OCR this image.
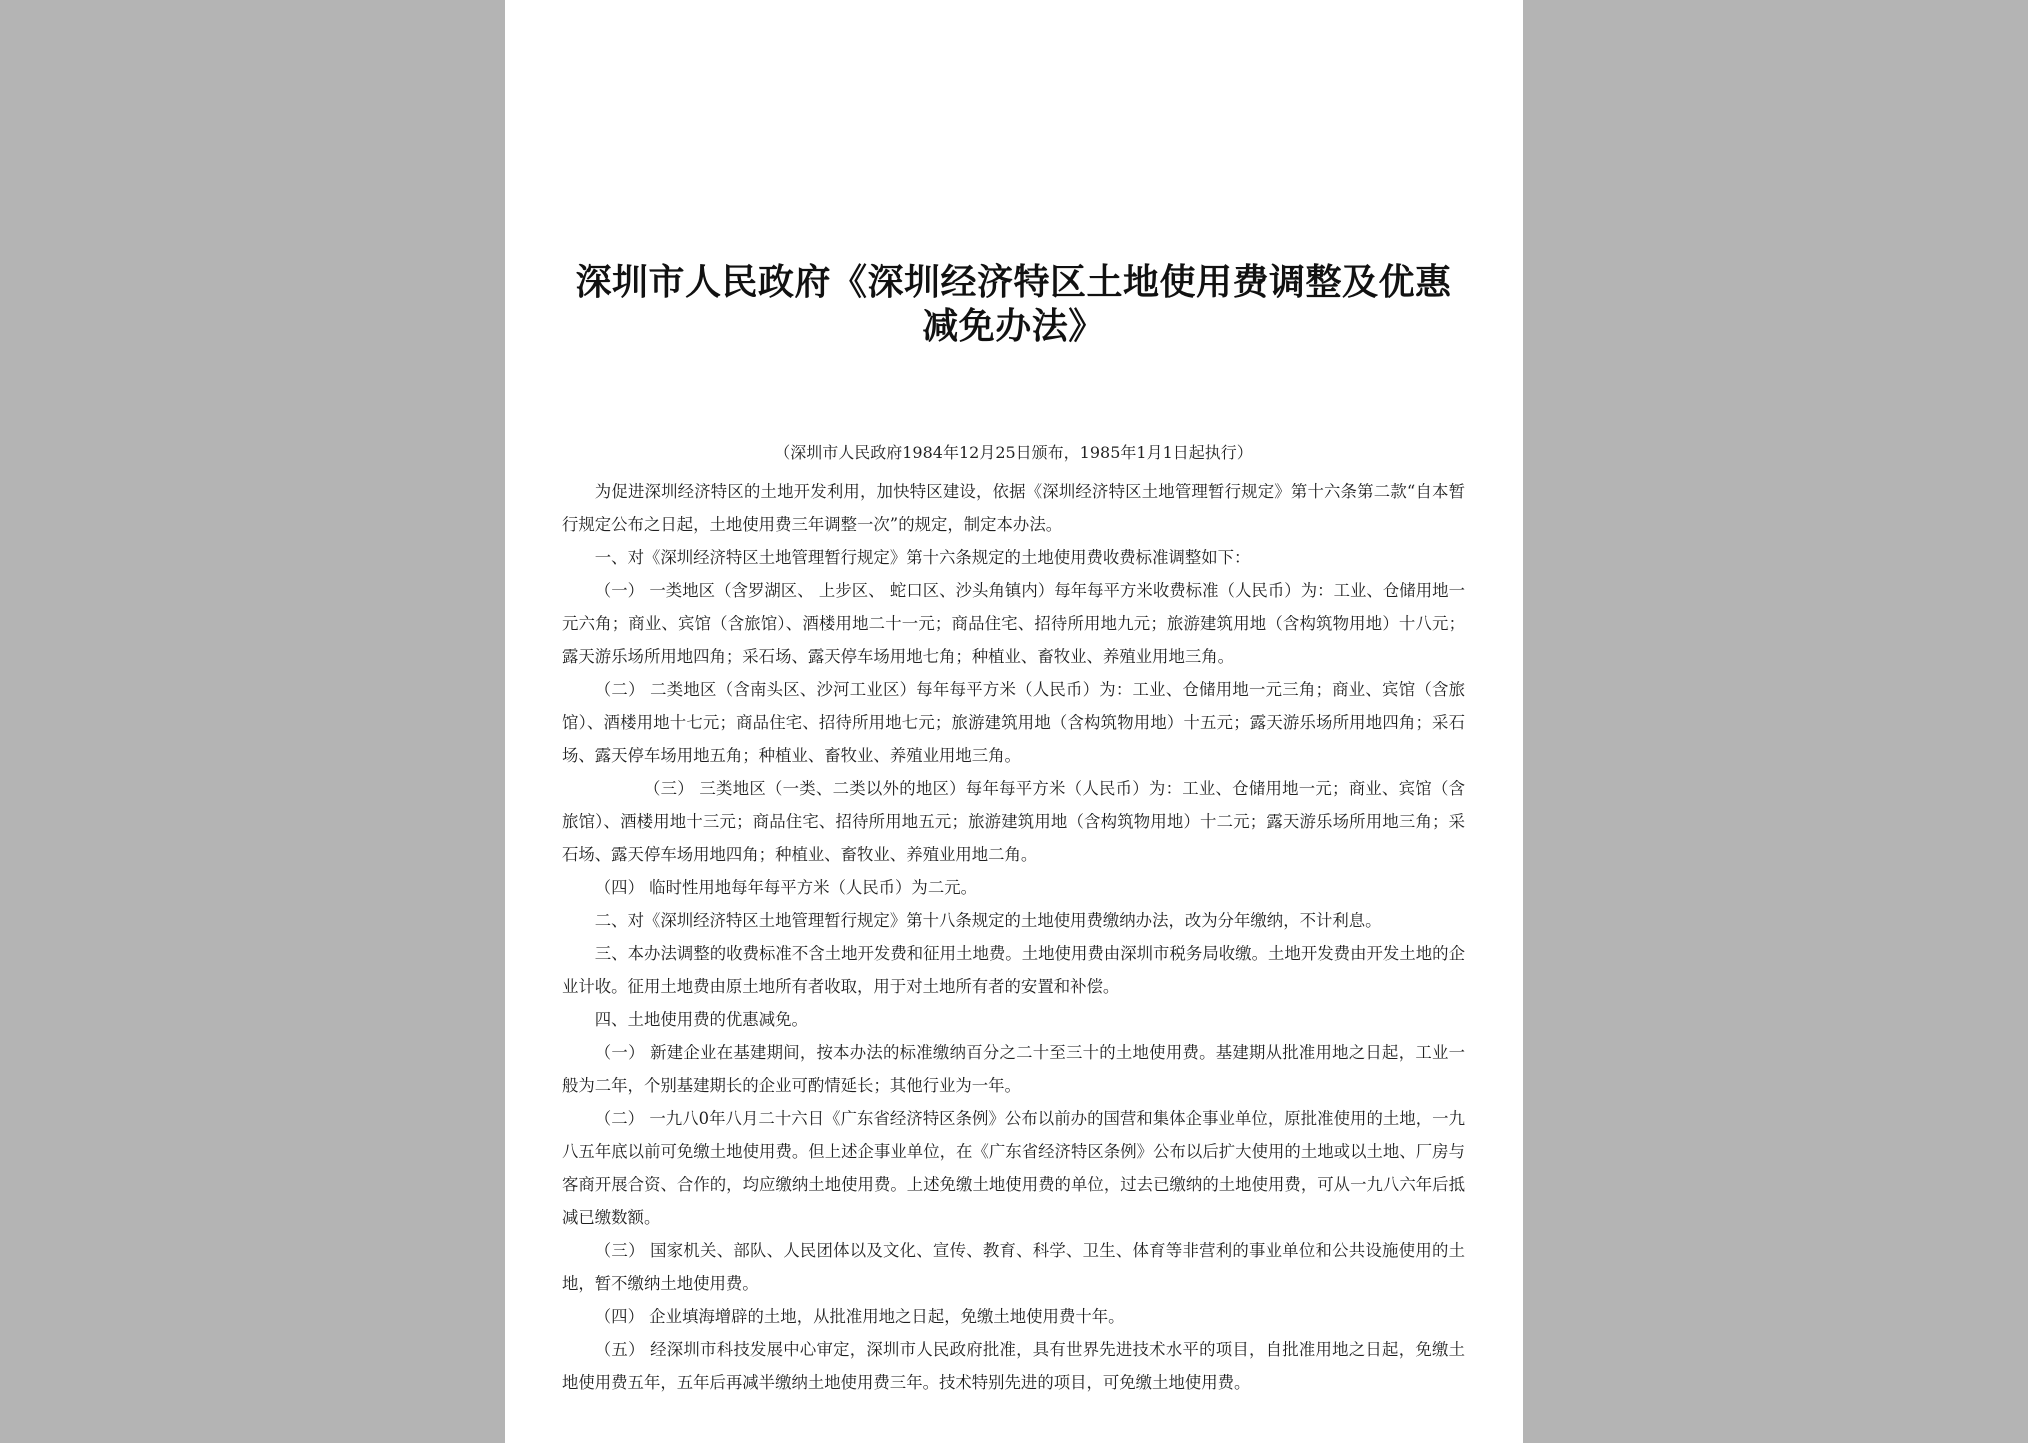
深圳市人民政府《深圳经济特区土地使用费调整及优惠
减免办法》
（深圳市人民政府1984年12月25日颁布，1985年1月1日起执行）

为促进深圳经济特区的土地开发利用，加快特区建设，依据《深圳经济特区土地管理暂行规定》第十六条第二款“自本暂行规定公布之日起，土地使用费三年调整一次”的规定，制定本办法。

一、对《深圳经济特区土地管理暂行规定》第十六条规定的土地使用费收费标准调整如下：

（一） 一类地区（含罗湖区、 上步区、 蛇口区、沙头角镇内）每年每平方米收费标准（人民币）为：工业、仓储用地一元六角；商业、宾馆（含旅馆）、酒楼用地二十一元；商品住宅、招待所用地九元；旅游建筑用地（含构筑物用地）十八元；露天游乐场所用地四角；采石场、露天停车场用地七角；种植业、畜牧业、养殖业用地三角。

（二） 二类地区（含南头区、沙河工业区）每年每平方米（人民币）为：工业、仓储用地一元三角；商业、宾馆（含旅馆）、酒楼用地十七元；商品住宅、招待所用地七元；旅游建筑用地（含构筑物用地）十五元；露天游乐场所用地四角；采石场、露天停车场用地五角；种植业、畜牧业、养殖业用地三角。

（三） 三类地区（一类、二类以外的地区）每年每平方米（人民币）为：工业、仓储用地一元；商业、宾馆（含旅馆）、酒楼用地十三元；商品住宅、招待所用地五元；旅游建筑用地（含构筑物用地）十二元；露天游乐场所用地三角；采石场、露天停车场用地四角；种植业、畜牧业、养殖业用地二角。

（四） 临时性用地每年每平方米（人民币）为二元。

二、对《深圳经济特区土地管理暂行规定》第十八条规定的土地使用费缴纳办法，改为分年缴纳，不计利息。

三、本办法调整的收费标准不含土地开发费和征用土地费。土地使用费由深圳市税务局收缴。土地开发费由开发土地的企业计收。征用土地费由原土地所有者收取，用于对土地所有者的安置和补偿。

四、土地使用费的优惠减免。

（一） 新建企业在基建期间，按本办法的标准缴纳百分之二十至三十的土地使用费。基建期从批准用地之日起，工业一般为二年，个别基建期长的企业可酌情延长；其他行业为一年。

（二） 一九八0年八月二十六日《广东省经济特区条例》公布以前办的国营和集体企事业单位，原批准使用的土地，一九八五年底以前可免缴土地使用费。但上述企事业单位，在《广东省经济特区条例》公布以后扩大使用的土地或以土地、厂房与客商开展合资、合作的，均应缴纳土地使用费。上述免缴土地使用费的单位，过去已缴纳的土地使用费，可从一九八六年后抵减已缴数额。

（三） 国家机关、部队、人民团体以及文化、宣传、教育、科学、卫生、体育等非营利的事业单位和公共设施使用的土地，暂不缴纳土地使用费。

（四） 企业填海增辟的土地，从批准用地之日起，免缴土地使用费十年。

（五） 经深圳市科技发展中心审定，深圳市人民政府批准，具有世界先进技术水平的项目，自批准用地之日起，免缴土地使用费五年，五年后再减半缴纳土地使用费三年。技术特别先进的项目，可免缴土地使用费。
